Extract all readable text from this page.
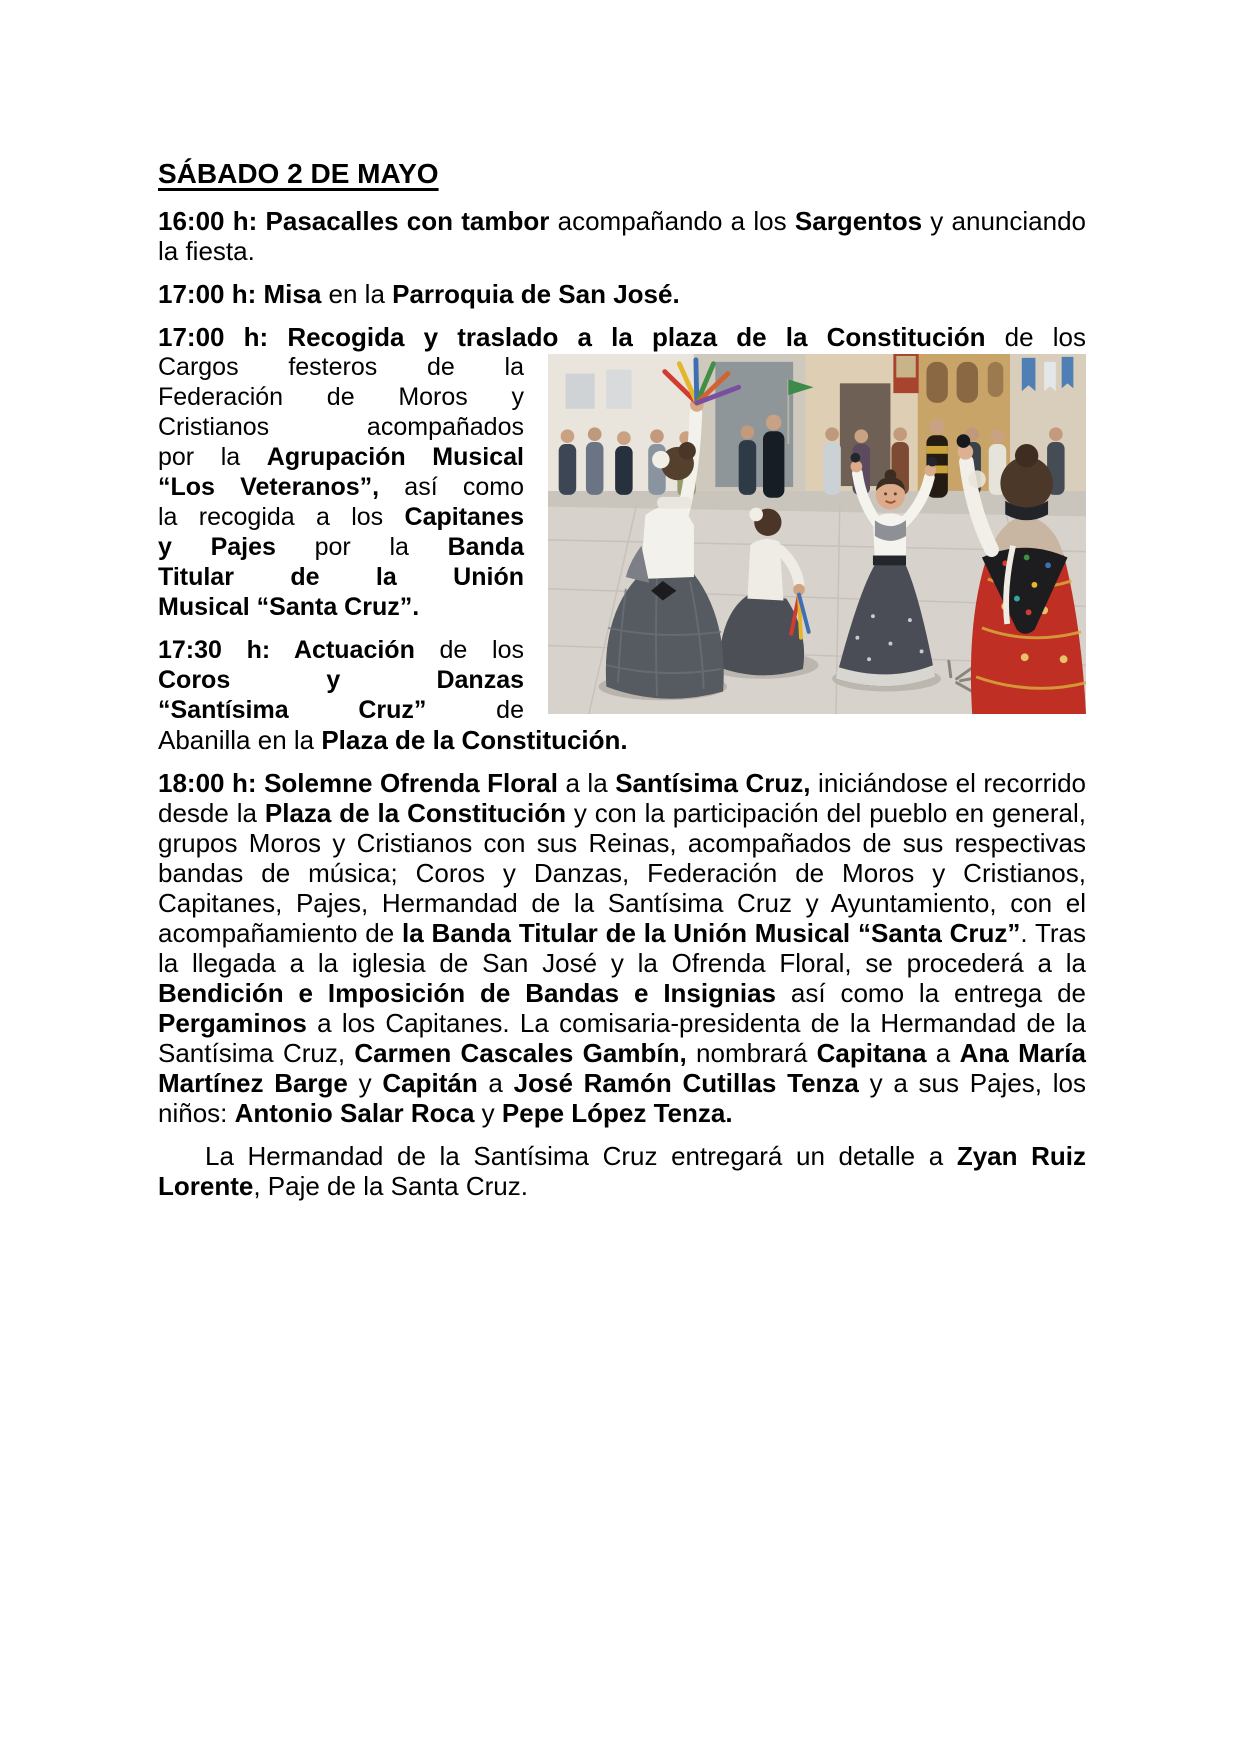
SÁBADO 2 DE MAYO

16:00 h: Pasacalles con tambor acompañando a los Sargentos y anunciando la fiesta.

17:00 h: Misa en la Parroquia de San José.

17:00 h: Recogida y traslado a la plaza de la Constitución de los
Cargos festeros de la
Federación de Moros y
Cristianos acompañados
por la Agrupación Musical
“Los Veteranos”, así como
la recogida a los Capitanes
y Pajes por la Banda
Titular de la Unión
Musical “Santa Cruz”.
17:30 h: Actuación de los
Coros y Danzas
“Santísima Cruz” de

Abanilla en la Plaza de la Constitución.

18:00 h: Solemne Ofrenda Floral a la Santísima Cruz, iniciándose el recorrido desde la Plaza de la Constitución y con la participación del pueblo en general, grupos Moros y Cristianos con sus Reinas, acompañados de sus respectivas bandas de música; Coros y Danzas, Federación de Moros y Cristianos, Capitanes, Pajes, Hermandad de la Santísima Cruz y Ayuntamiento, con el acompañamiento de la Banda Titular de la Unión Musical “Santa Cruz”. Tras la llegada a la iglesia de San José y la Ofrenda Floral, se procederá a la Bendición e Imposición de Bandas e Insignias así como la entrega de Pergaminos a los Capitanes. La comisaria-presidenta de la Hermandad de la Santísima Cruz, Carmen Cascales Gambín, nombrará Capitana a Ana María Martínez Barge y Capitán a José Ramón Cutillas Tenza y a sus Pajes, los niños: Antonio Salar Roca y Pepe López Tenza.

La Hermandad de la Santísima Cruz entregará un detalle a Zyan Ruiz Lorente, Paje de la Santa Cruz.
